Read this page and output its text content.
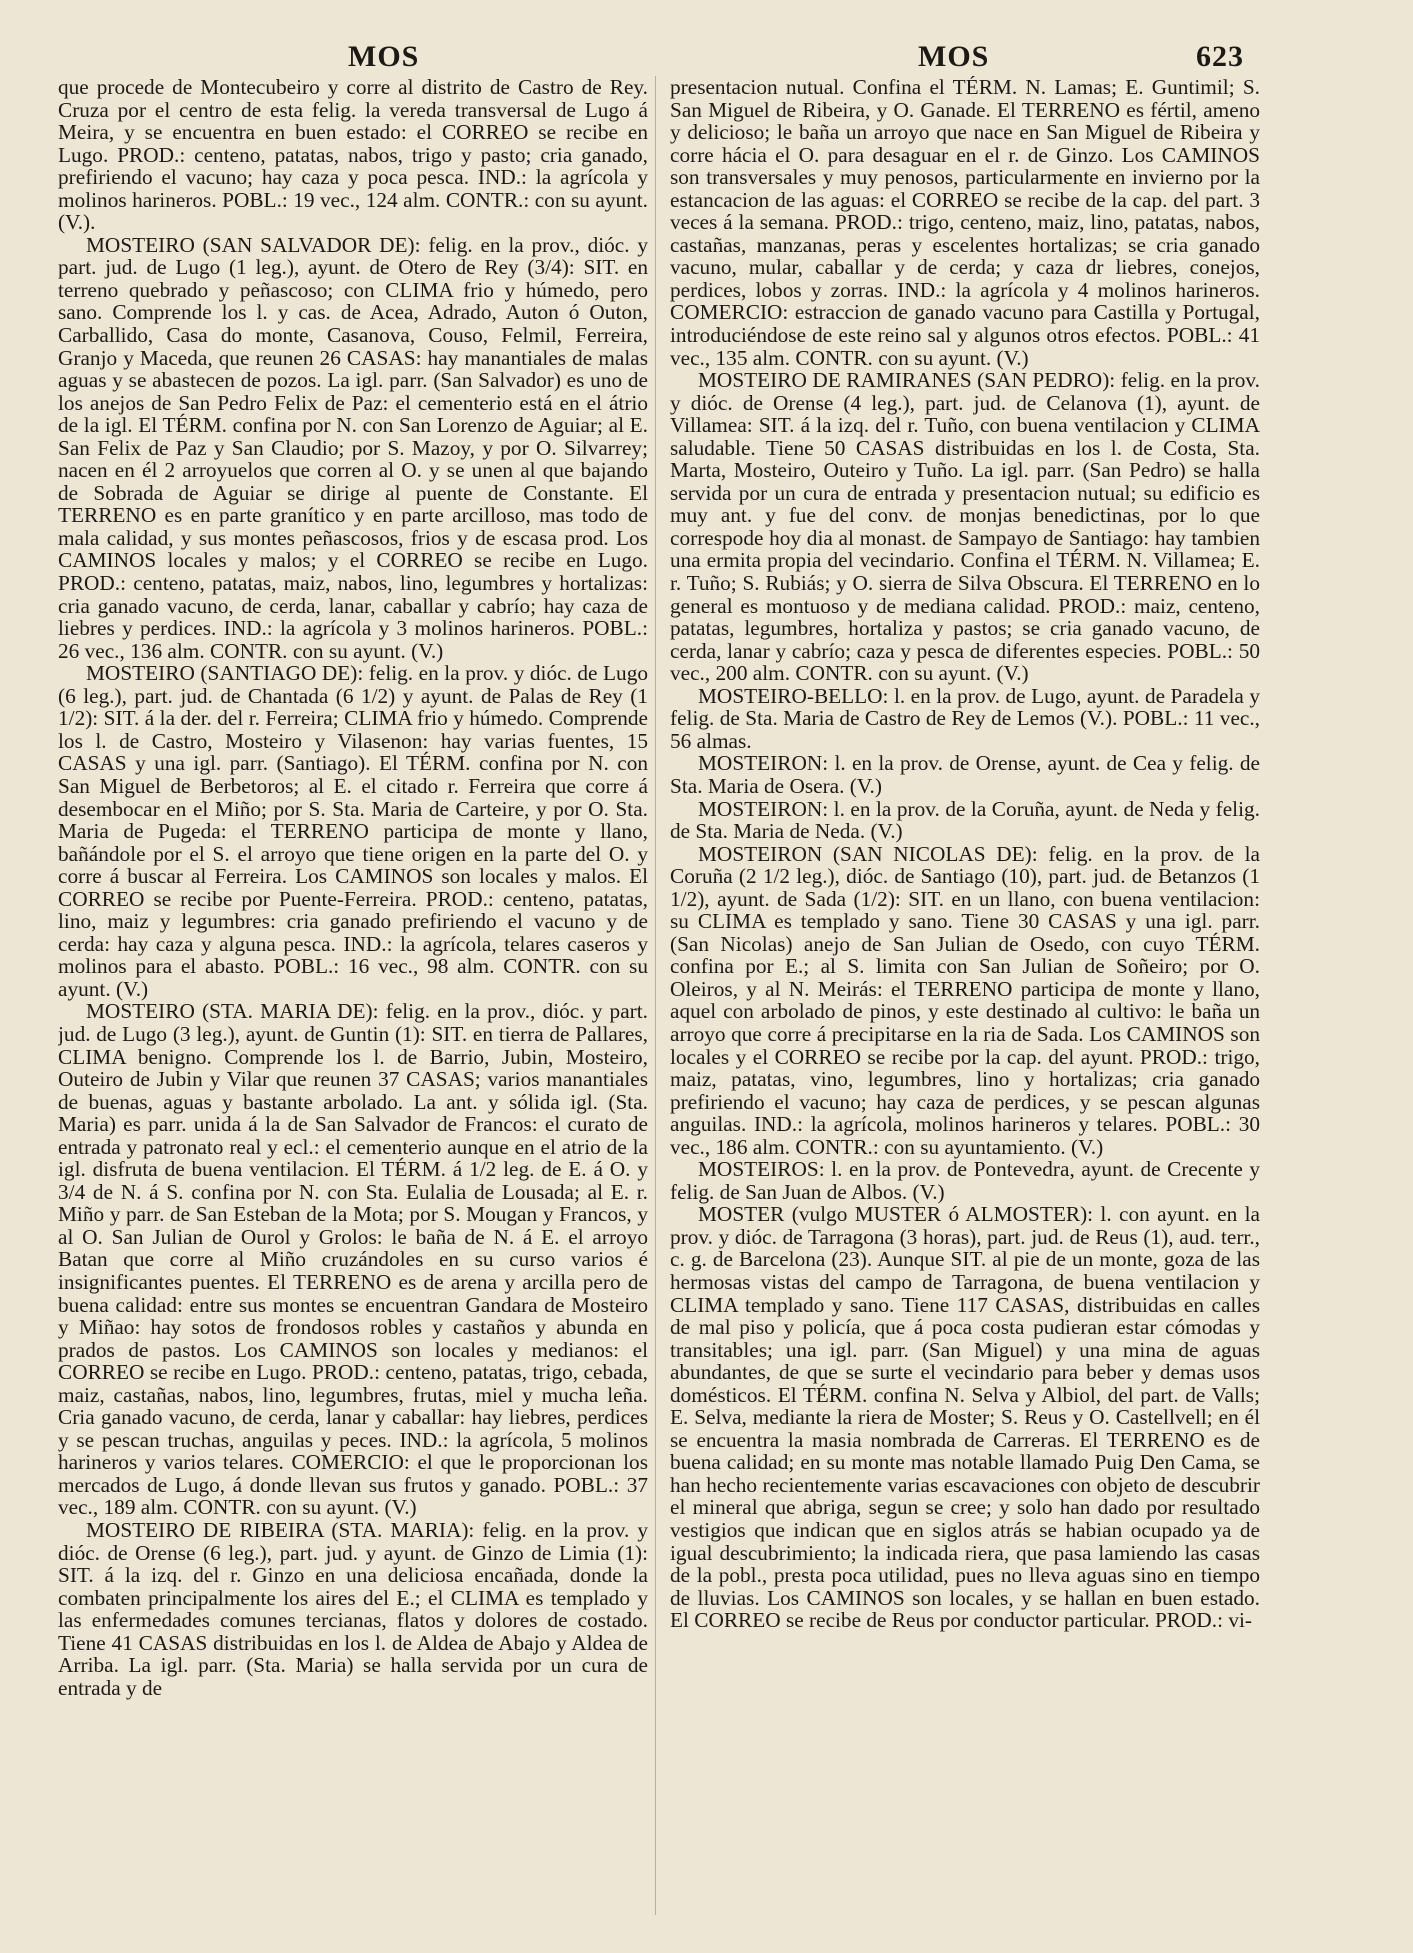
MOS	MOS	623

que procede de Montecubeiro y corre al distrito de Castro de Rey. Cruza por el centro de esta felig. la vereda transversal de Lugo á Meira, y se encuentra en buen estado: el CORREO se recibe en Lugo. PROD.: centeno, patatas, nabos, trigo y pasto; cria ganado, prefiriendo el vacuno; hay caza y poca pesca. IND.: la agrícola y molinos harineros. POBL.: 19 vec., 124 alm. CONTR.: con su ayunt. (V.).

MOSTEIRO (SAN SALVADOR DE): felig. en la prov., dióc. y part. jud. de Lugo (1 leg.), ayunt. de Otero de Rey (3/4): SIT. en terreno quebrado y peñascoso; con CLIMA frio y húmedo, pero sano. Comprende los l. y cas. de Acea, Adrado, Auton ó Outon, Carballido, Casa do monte, Casanova, Couso, Felmil, Ferreira, Granjo y Maceda, que reunen 26 CASAS: hay manantiales de malas aguas y se abastecen de pozos. La igl. parr. (San Salvador) es uno de los anejos de San Pedro Felix de Paz: el cementerio está en el átrio de la igl. El TÉRM. confina por N. con San Lorenzo de Aguiar; al E. San Felix de Paz y San Claudio; por S. Mazoy, y por O. Silvarrey; nacen en él 2 arroyuelos que corren al O. y se unen al que bajando de Sobrada de Aguiar se dirige al puente de Constante. El TERRENO es en parte granítico y en parte arcilloso, mas todo de mala calidad, y sus montes peñascosos, frios y de escasa prod. Los CAMINOS locales y malos; y el CORREO se recibe en Lugo. PROD.: centeno, patatas, maiz, nabos, lino, legumbres y hortalizas: cria ganado vacuno, de cerda, lanar, caballar y cabrío; hay caza de liebres y perdices. IND.: la agrícola y 3 molinos harineros. POBL.: 26 vec., 136 alm. CONTR. con su ayunt. (V.)

MOSTEIRO (SANTIAGO DE): felig. en la prov. y dióc. de Lugo (6 leg.), part. jud. de Chantada (6 1/2) y ayunt. de Palas de Rey (1 1/2): SIT. á la der. del r. Ferreira; CLIMA frio y húmedo. Comprende los l. de Castro, Mosteiro y Vilasenon: hay varias fuentes, 15 CASAS y una igl. parr. (Santiago). El TÉRM. confina por N. con San Miguel de Berbetoros; al E. el citado r. Ferreira que corre á desembocar en el Miño; por S. Sta. Maria de Carteire, y por O. Sta. Maria de Pugeda: el TERRENO participa de monte y llano, bañándole por el S. el arroyo que tiene origen en la parte del O. y corre á buscar al Ferreira. Los CAMINOS son locales y malos. El CORREO se recibe por Puente-Ferreira. PROD.: centeno, patatas, lino, maiz y legumbres: cria ganado prefiriendo el vacuno y de cerda: hay caza y alguna pesca. IND.: la agrícola, telares caseros y molinos para el abasto. POBL.: 16 vec., 98 alm. CONTR. con su ayunt. (V.)

MOSTEIRO (STA. MARIA DE): felig. en la prov., dióc. y part. jud. de Lugo (3 leg.), ayunt. de Guntin (1): SIT. en tierra de Pallares, CLIMA benigno. Comprende los l. de Barrio, Jubin, Mosteiro, Outeiro de Jubin y Vilar que reunen 37 CASAS; varios manantiales de buenas, aguas y bastante arbolado. La ant. y sólida igl. (Sta. Maria) es parr. unida á la de San Salvador de Francos: el curato de entrada y patronato real y ecl.: el cementerio aunque en el atrio de la igl. disfruta de buena ventilacion. El TÉRM. á 1/2 leg. de E. á O. y 3/4 de N. á S. confina por N. con Sta. Eulalia de Lousada; al E. r. Miño y parr. de San Esteban de la Mota; por S. Mougan y Francos, y al O. San Julian de Ourol y Grolos: le baña de N. á E. el arroyo Batan que corre al Miño cruzándoles en su curso varios é insignificantes puentes. El TERRENO es de arena y arcilla pero de buena calidad: entre sus montes se encuentran Gandara de Mosteiro y Miñao: hay sotos de frondosos robles y castaños y abunda en prados de pastos. Los CAMINOS son locales y medianos: el CORREO se recibe en Lugo. PROD.: centeno, patatas, trigo, cebada, maiz, castañas, nabos, lino, legumbres, frutas, miel y mucha leña. Cria ganado vacuno, de cerda, lanar y caballar: hay liebres, perdices y se pescan truchas, anguilas y peces. IND.: la agrícola, 5 molinos harineros y varios telares. COMERCIO: el que le proporcionan los mercados de Lugo, á donde llevan sus frutos y ganado. POBL.: 37 vec., 189 alm. CONTR. con su ayunt. (V.)

MOSTEIRO DE RIBEIRA (STA. MARIA): felig. en la prov. y dióc. de Orense (6 leg.), part. jud. y ayunt. de Ginzo de Limia (1): SIT. á la izq. del r. Ginzo en una deliciosa encañada, donde la combaten principalmente los aires del E.; el CLIMA es templado y las enfermedades comunes tercianas, flatos y dolores de costado. Tiene 41 CASAS distribuidas en los l. de Aldea de Abajo y Aldea de Arriba. La igl. parr. (Sta. Maria) se halla servida por un cura de entrada y de

presentacion nutual. Confina el TÉRM. N. Lamas; E. Guntimil; S. San Miguel de Ribeira, y O. Ganade. El TERRENO es fértil, ameno y delicioso; le baña un arroyo que nace en San Miguel de Ribeira y corre hácia el O. para desaguar en el r. de Ginzo. Los CAMINOS son transversales y muy penosos, particularmente en invierno por la estancacion de las aguas: el CORREO se recibe de la cap. del part. 3 veces á la semana. PROD.: trigo, centeno, maiz, lino, patatas, nabos, castañas, manzanas, peras y escelentes hortalizas; se cria ganado vacuno, mular, caballar y de cerda; y caza dr liebres, conejos, perdices, lobos y zorras. IND.: la agrícola y 4 molinos harineros. COMERCIO: estraccion de ganado vacuno para Castilla y Portugal, introduciéndose de este reino sal y algunos otros efectos. POBL.: 41 vec., 135 alm. CONTR. con su ayunt. (V.)

MOSTEIRO DE RAMIRANES (SAN PEDRO): felig. en la prov. y dióc. de Orense (4 leg.), part. jud. de Celanova (1), ayunt. de Villamea: SIT. á la izq. del r. Tuño, con buena ventilacion y CLIMA saludable. Tiene 50 CASAS distribuidas en los l. de Costa, Sta. Marta, Mosteiro, Outeiro y Tuño. La igl. parr. (San Pedro) se halla servida por un cura de entrada y presentacion nutual; su edificio es muy ant. y fue del conv. de monjas benedictinas, por lo que correspode hoy dia al monast. de Sampayo de Santiago: hay tambien una ermita propia del vecindario. Confina el TÉRM. N. Villamea; E. r. Tuño; S. Rubiás; y O. sierra de Silva Obscura. El TERRENO en lo general es montuoso y de mediana calidad. PROD.: maiz, centeno, patatas, legumbres, hortaliza y pastos; se cria ganado vacuno, de cerda, lanar y cabrío; caza y pesca de diferentes especies. POBL.: 50 vec., 200 alm. CONTR. con su ayunt. (V.)

MOSTEIRO-BELLO: l. en la prov. de Lugo, ayunt. de Paradela y felig. de Sta. Maria de Castro de Rey de Lemos (V.). POBL.: 11 vec., 56 almas.

MOSTEIRON: l. en la prov. de Orense, ayunt. de Cea y felig. de Sta. Maria de Osera. (V.)

MOSTEIRON: l. en la prov. de la Coruña, ayunt. de Neda y felig. de Sta. Maria de Neda. (V.)

MOSTEIRON (SAN NICOLAS DE): felig. en la prov. de la Coruña (2 1/2 leg.), dióc. de Santiago (10), part. jud. de Betanzos (1 1/2), ayunt. de Sada (1/2): SIT. en un llano, con buena ventilacion: su CLIMA es templado y sano. Tiene 30 CASAS y una igl. parr. (San Nicolas) anejo de San Julian de Osedo, con cuyo TÉRM. confina por E.; al S. limita con San Julian de Soñeiro; por O. Oleiros, y al N. Meirás: el TERRENO participa de monte y llano, aquel con arbolado de pinos, y este destinado al cultivo: le baña un arroyo que corre á precipitarse en la ria de Sada. Los CAMINOS son locales y el CORREO se recibe por la cap. del ayunt. PROD.: trigo, maiz, patatas, vino, legumbres, lino y hortalizas; cria ganado prefiriendo el vacuno; hay caza de perdices, y se pescan algunas anguilas. IND.: la agrícola, molinos harineros y telares. POBL.: 30 vec., 186 alm. CONTR.: con su ayuntamiento. (V.)

MOSTEIROS: l. en la prov. de Pontevedra, ayunt. de Crecente y felig. de San Juan de Albos. (V.)

MOSTER (vulgo MUSTER ó ALMOSTER): l. con ayunt. en la prov. y dióc. de Tarragona (3 horas), part. jud. de Reus (1), aud. terr., c. g. de Barcelona (23). Aunque SIT. al pie de un monte, goza de las hermosas vistas del campo de Tarragona, de buena ventilacion y CLIMA templado y sano. Tiene 117 CASAS, distribuidas en calles de mal piso y policía, que á poca costa pudieran estar cómodas y transitables; una igl. parr. (San Miguel) y una mina de aguas abundantes, de que se surte el vecindario para beber y demas usos domésticos. El TÉRM. confina N. Selva y Albiol, del part. de Valls; E. Selva, mediante la riera de Moster; S. Reus y O. Castellvell; en él se encuentra la masia nombrada de Carreras. El TERRENO es de buena calidad; en su monte mas notable llamado Puig Den Cama, se han hecho recientemente varias escavaciones con objeto de descubrir el mineral que abriga, segun se cree; y solo han dado por resultado vestigios que indican que en siglos atrás se habian ocupado ya de igual descubrimiento; la indicada riera, que pasa lamiendo las casas de la pobl., presta poca utilidad, pues no lleva aguas sino en tiempo de lluvias. Los CAMINOS son locales, y se hallan en buen estado. El CORREO se recibe de Reus por conductor particular. PROD.: vi-
